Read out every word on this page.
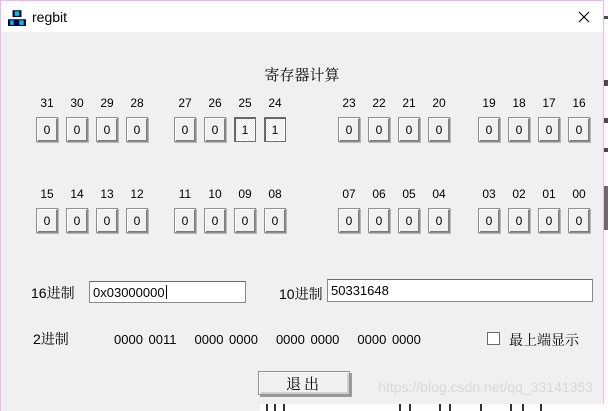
regbit
寄存器计算
31
0
30
0
29
0
28
0
27
0
26
0
25
1
24
1
23
0
22
0
21
0
20
0
19
0
18
0
17
0
16
0
15
0
14
0
13
0
12
0
11
0
10
0
09
0
08
0
07
0
06
0
05
0
04
0
03
0
02
0
01
0
00
0
16进制 0x03000000	10进制 50331648
2进制	0000 0011 0000 0000 0000 0000 0000 0000	最上端显示
退出	https://blog.csdn.net/qq_33141353
